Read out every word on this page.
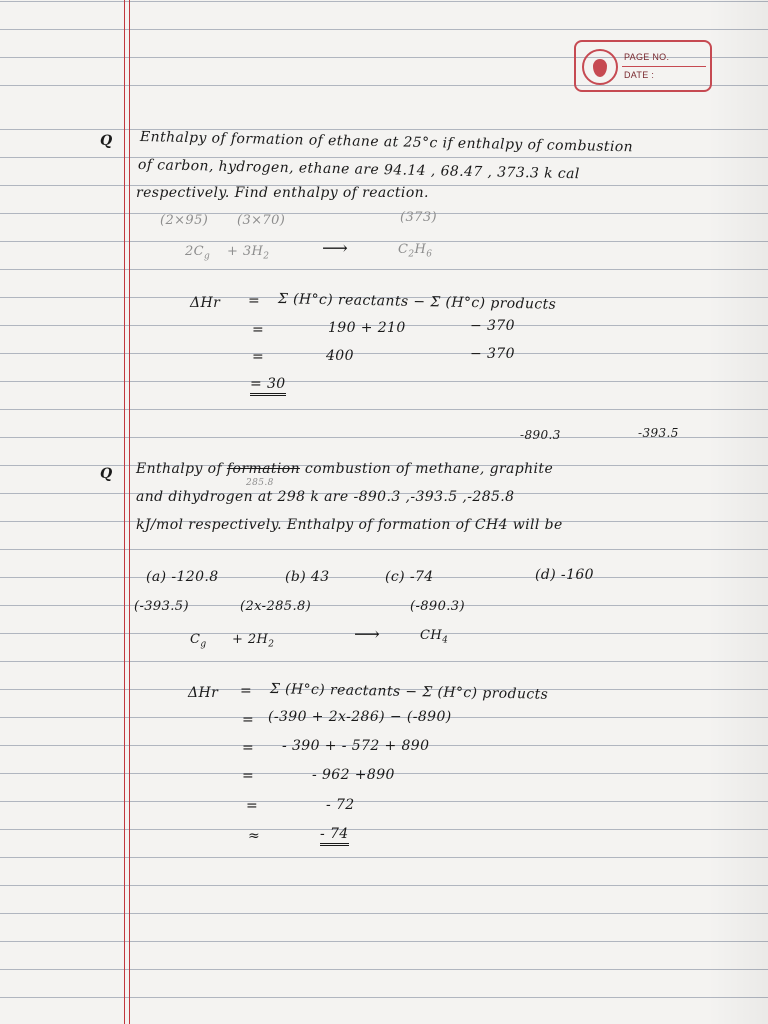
PAGE NO.
DATE :
Q Enthalpy of formation of ethane at 25°c if enthalpy of combustion
of carbon, hydrogen, ethane are 94.14 , 68.47 , 373.3 k cal
respectively. Find enthalpy of reaction.
(2×95) (3×70)	(373)
$2C_g + 3H_2$	⟶	$C_2H_6$
ΔHr = Σ (H°c) reactants − Σ (H°c) products
=	190 + 210	− 370
=	400	− 370
= 30
-890.3	-393.5
Q
285.8
Enthalpy of formation combustion of methane, graphite
and dihydrogen at 298 k are -890.3 ,-393.5 ,-285.8
kJ/mol respectively. Enthalpy of formation of CH4 will be
(a) -120.8	(b) 43	(c) -74	(d) -160
(-393.5)	(2x-285.8)	(-890.3)
$C_g + 2H_2$	⟶	$CH_4$
ΔHr = Σ (H°c) reactants − Σ (H°c) products
= (-390 + 2x-286) − (-890)
= - 390 + - 572 + 890
=	- 962 +890
=	- 72
≈	- 74
